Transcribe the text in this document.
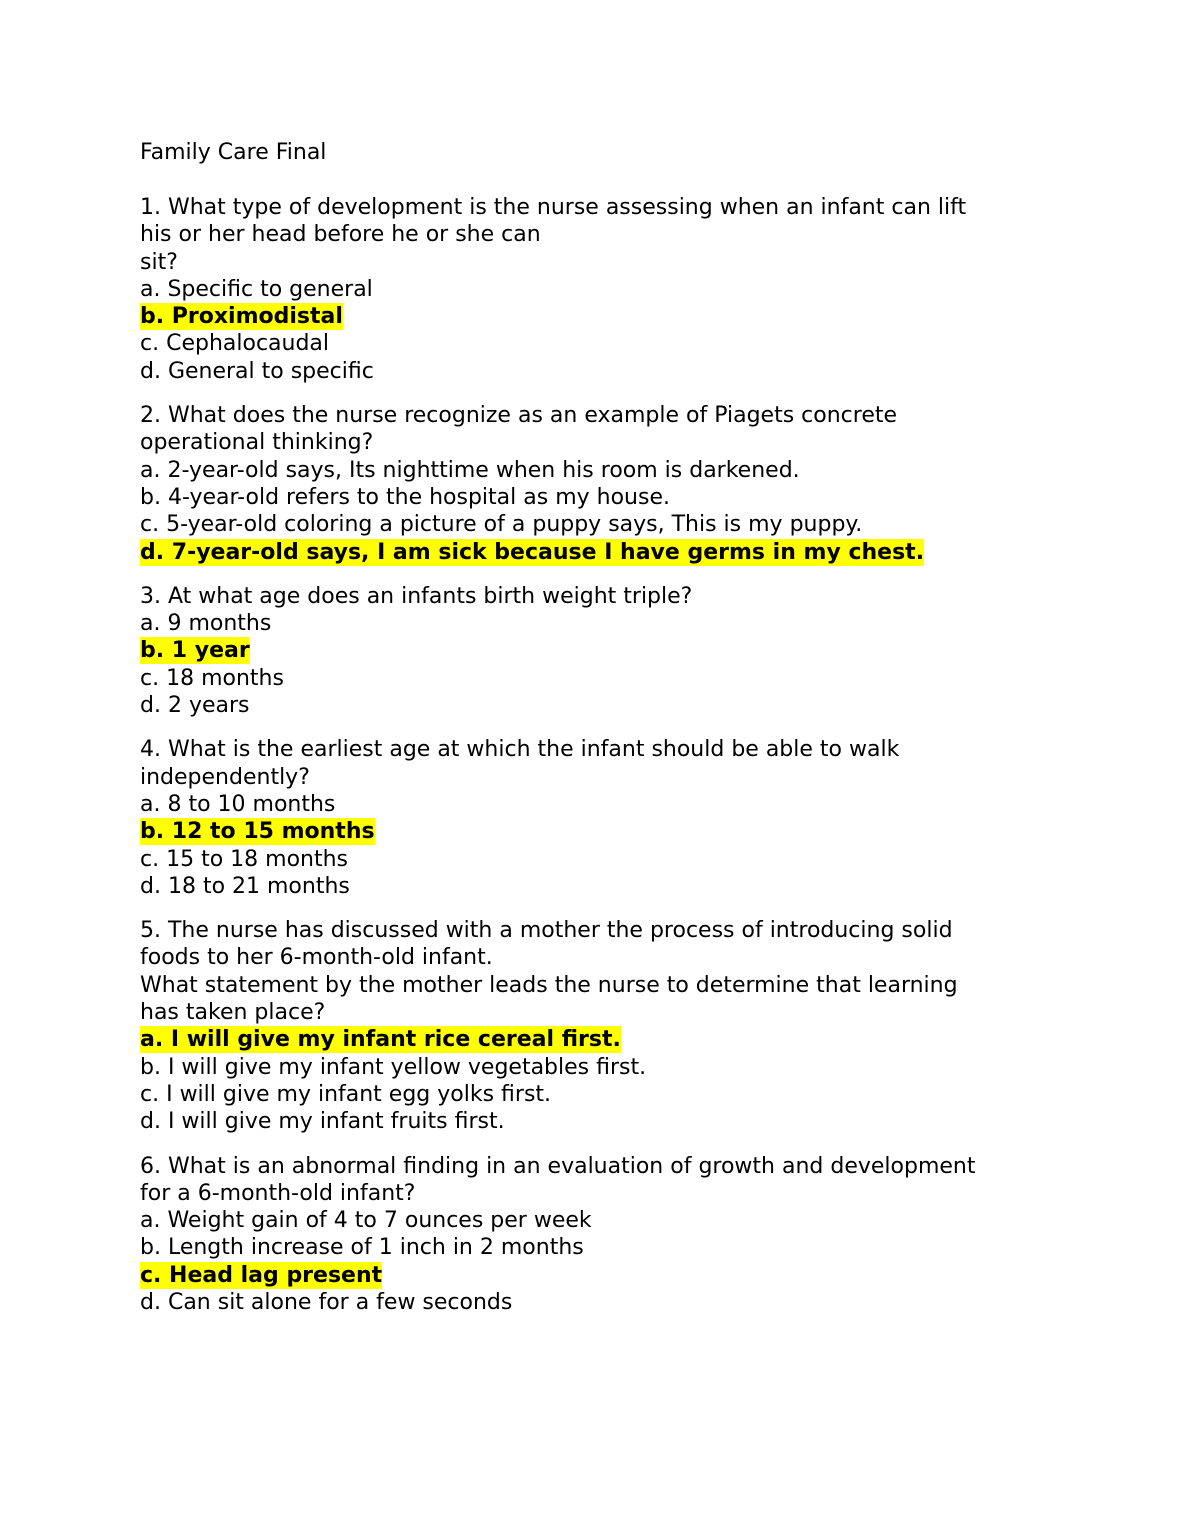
Family Care Final
1. What type of development is the nurse assessing when an infant can lift
his or her head before he or she can
sit?
a. Specific to general
b. Proximodistal
c. Cephalocaudal
d. General to specific
2. What does the nurse recognize as an example of Piagets concrete
operational thinking?
a. 2-year-old says, Its nighttime when his room is darkened.
b. 4-year-old refers to the hospital as my house.
c. 5-year-old coloring a picture of a puppy says, This is my puppy.
d. 7-year-old says, I am sick because I have germs in my chest.
3. At what age does an infants birth weight triple?
a. 9 months
b. 1 year
c. 18 months
d. 2 years
4. What is the earliest age at which the infant should be able to walk
independently?
a. 8 to 10 months
b. 12 to 15 months
c. 15 to 18 months
d. 18 to 21 months
5. The nurse has discussed with a mother the process of introducing solid
foods to her 6-month-old infant.
What statement by the mother leads the nurse to determine that learning
has taken place?
a. I will give my infant rice cereal first.
b. I will give my infant yellow vegetables first.
c. I will give my infant egg yolks first.
d. I will give my infant fruits first.
6. What is an abnormal finding in an evaluation of growth and development
for a 6-month-old infant?
a. Weight gain of 4 to 7 ounces per week
b. Length increase of 1 inch in 2 months
c. Head lag present
d. Can sit alone for a few seconds
